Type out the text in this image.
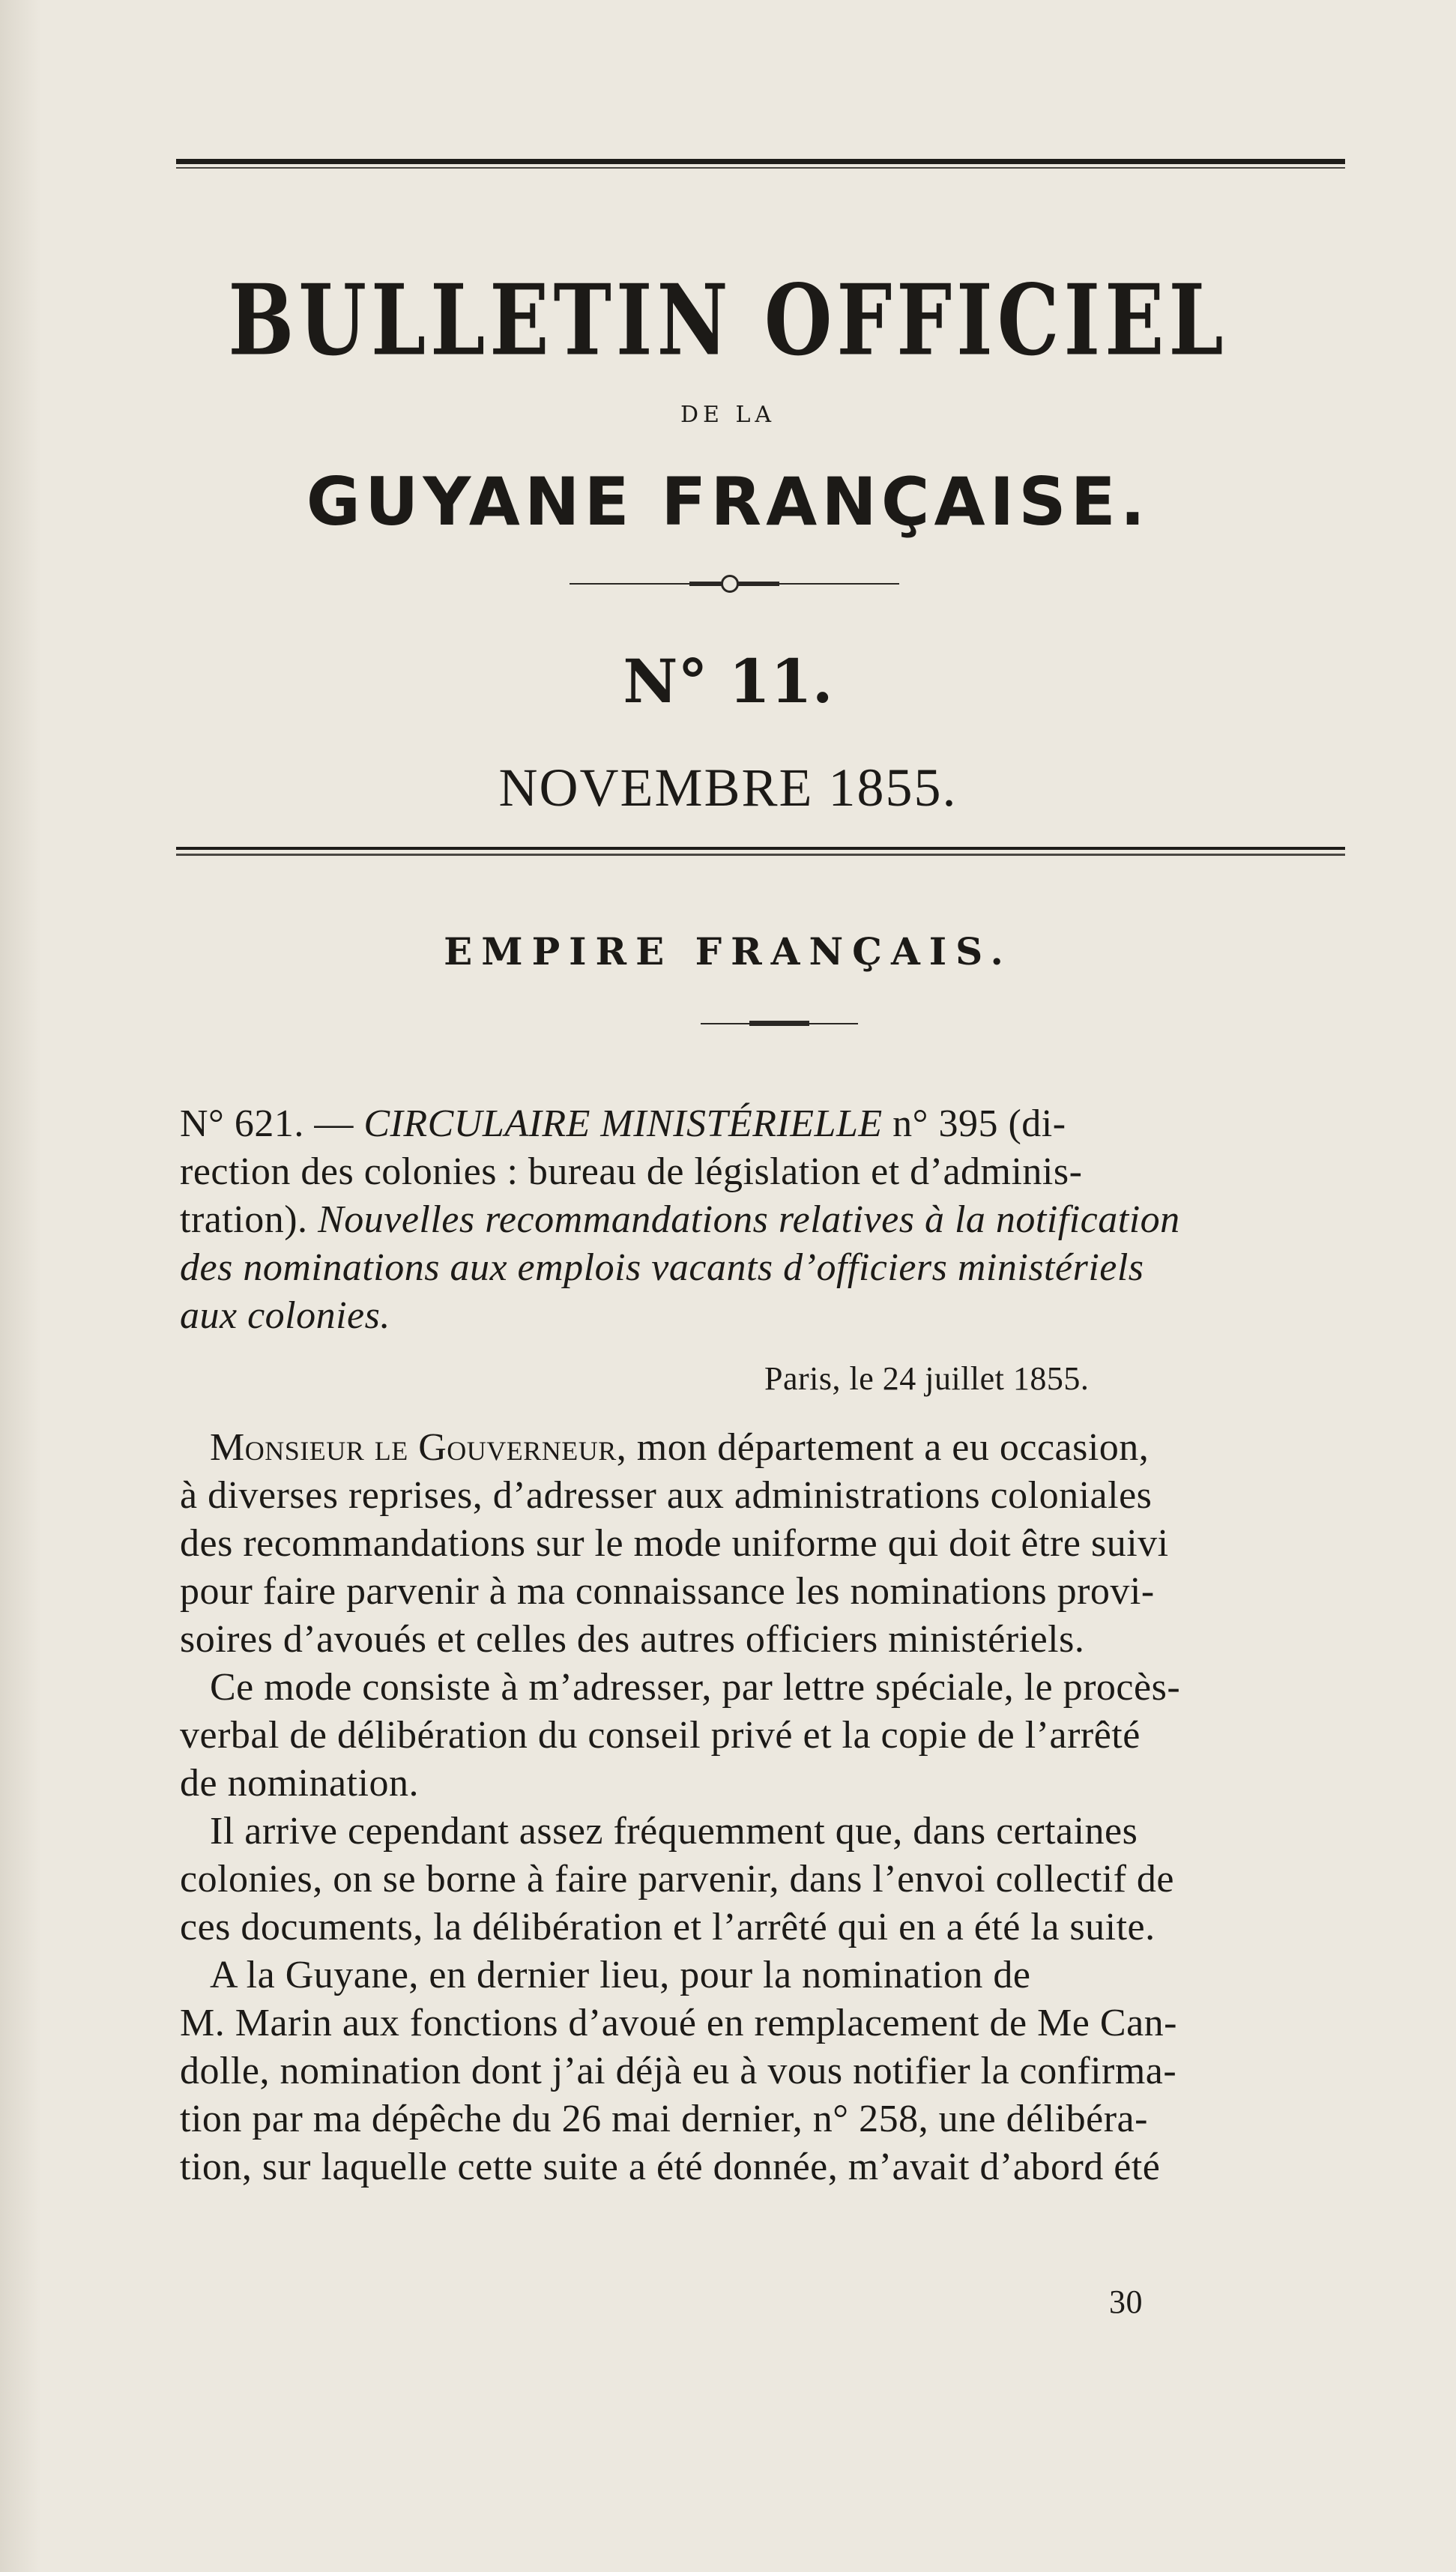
BULLETIN OFFICIEL
DE LA
GUYANE FRANÇAISE.
N° 11.
NOVEMBRE 1855.
EMPIRE FRANÇAIS.
N° 621. — CIRCULAIRE MINISTÉRIELLE n° 395 (di-
rection des colonies : bureau de législation et d’adminis-
tration). Nouvelles recommandations relatives à la notification
des nominations aux emplois vacants d’officiers ministériels
aux colonies.
Paris, le 24 juillet 1855.
Monsieur le Gouverneur, mon département a eu occasion,
à diverses reprises, d’adresser aux administrations coloniales
des recommandations sur le mode uniforme qui doit être suivi
pour faire parvenir à ma connaissance les nominations provi-
soires d’avoués et celles des autres officiers ministériels.
Ce mode consiste à m’adresser, par lettre spéciale, le procès-
verbal de délibération du conseil privé et la copie de l’arrêté
de nomination.
Il arrive cependant assez fréquemment que, dans certaines
colonies, on se borne à faire parvenir, dans l’envoi collectif de
ces documents, la délibération et l’arrêté qui en a été la suite.
A la Guyane, en dernier lieu, pour la nomination de
M. Marin aux fonctions d’avoué en remplacement de Me Can-
dolle, nomination dont j’ai déjà eu à vous notifier la confirma-
tion par ma dépêche du 26 mai dernier, n° 258, une délibéra-
tion, sur laquelle cette suite a été donnée, m’avait d’abord été
30
